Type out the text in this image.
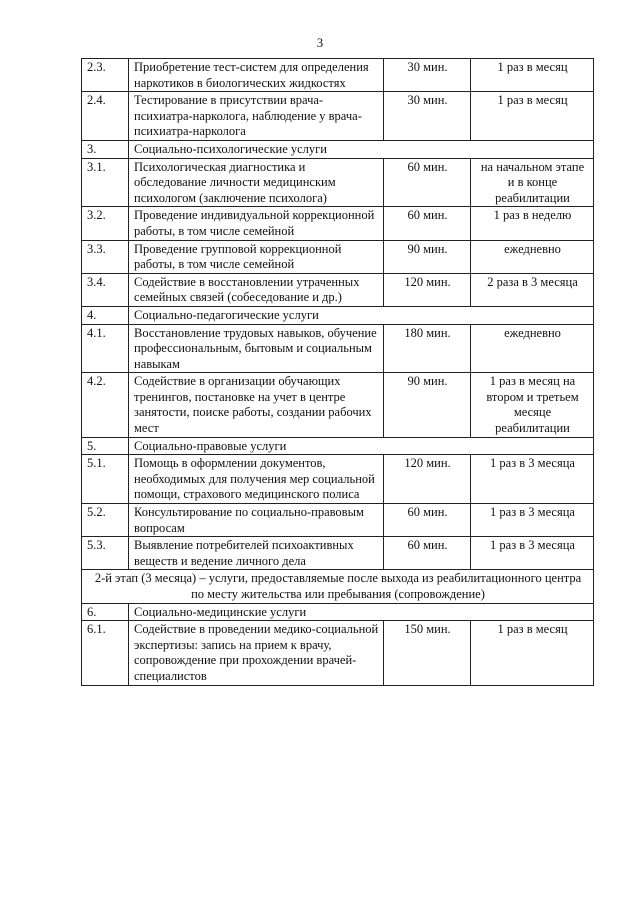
3
2.3.	Приобретение тест-систем для определения наркотиков в биологических жидкостях	30 мин.	1 раз в месяц
2.4.	Тестирование в присутствии врача-психиатра-нарколога, наблюдение у врача-психиатра-нарколога	30 мин.	1 раз в месяц
3.	Социально-психологические услуги		
3.1.	Психологическая диагностика и обследование личности медицинским психологом (заключение психолога)	60 мин.	на начальном этапе и в конце реабилитации
3.2.	Проведение индивидуальной коррекционной работы, в том числе семейной	60 мин.	1 раз в неделю
3.3.	Проведение групповой коррекционной работы, в том числе семейной	90 мин.	ежедневно
3.4.	Содействие в восстановлении утраченных семейных связей (собеседование и др.)	120 мин.	2 раза в 3 месяца
4.	Социально-педагогические услуги		
4.1.	Восстановление трудовых навыков, обучение профессиональным, бытовым и социальным навыкам	180 мин.	ежедневно
4.2.	Содействие в организации обучающих тренингов, постановке на учет в центре занятости, поиске работы, создании рабочих мест	90 мин.	1 раз в месяц на втором и третьем месяце реабилитации
5.	Социально-правовые услуги		
5.1.	Помощь в оформлении документов, необходимых для получения мер социальной помощи, страхового медицинского полиса	120 мин.	1 раз в 3 месяца
5.2.	Консультирование по социально-правовым вопросам	60 мин.	1 раз в 3 месяца
5.3.	Выявление потребителей психоактивных веществ и ведение личного дела	60 мин.	1 раз в 3 месяца
2-й этап (3 месяца) – услуги, предоставляемые после выхода из реабилитационного центра по месту жительства или пребывания (сопровождение)			
6.	Социально-медицинские услуги		
6.1.	Содействие в проведении медико-социальной экспертизы: запись на прием к врачу, сопровождение при прохождении врачей-специалистов	150 мин.	1 раз в месяц
